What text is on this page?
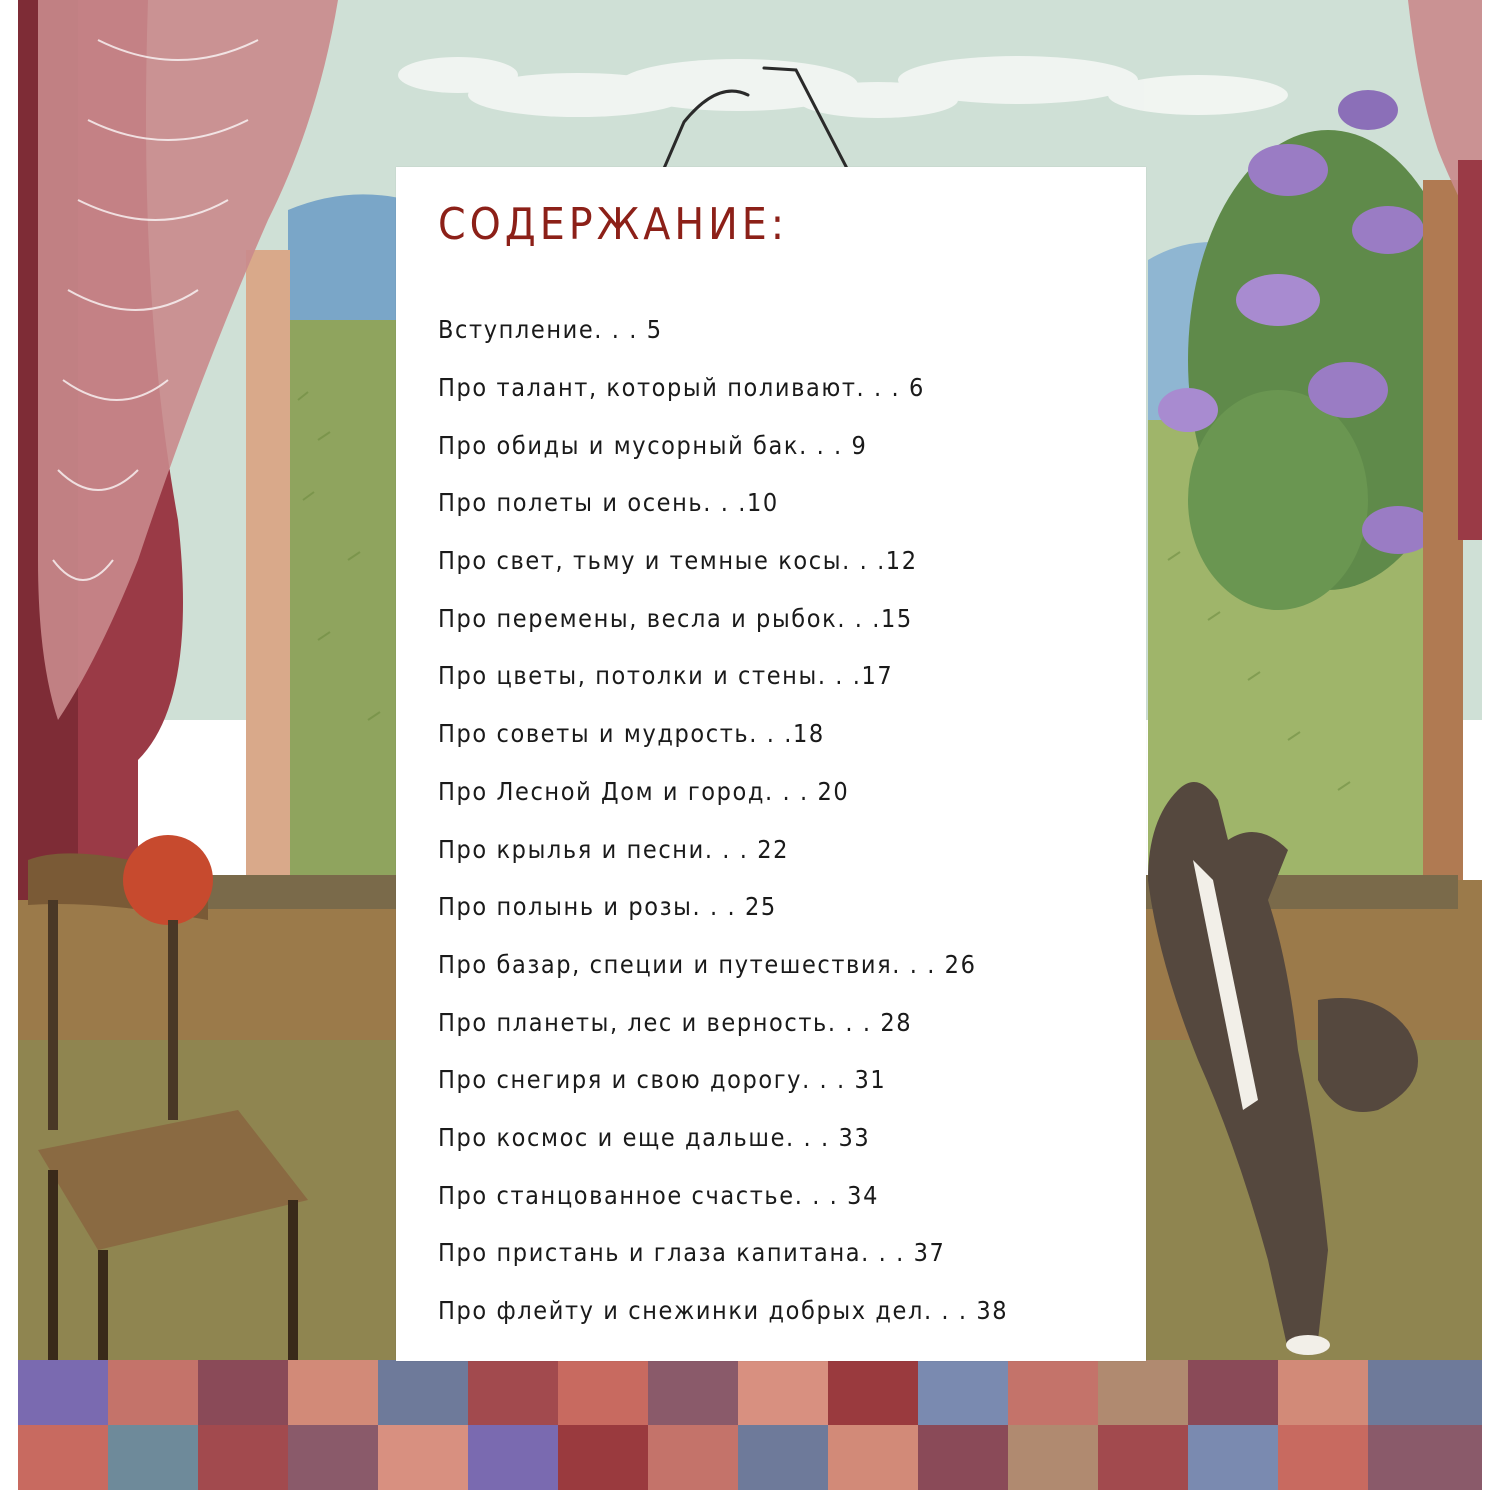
СОДЕРЖАНИЕ:
Вступление. . . 5
Про талант, который поливают. . . 6
Про обиды и мусорный бак. . . 9
Про полеты и осень. . .10
Про свет, тьму и темные косы. . .12
Про перемены, весла и рыбок. . .15
Про цветы, потолки и стены. . .17
Про советы и мудрость. . .18
Про Лесной Дом и город. . . 20
Про крылья и песни. . . 22
Про полынь и розы. . . 25
Про базар, специи и путешествия. . . 26
Про планеты, лес и верность. . . 28
Про снегиря и свою дорогу. . . 31
Про космос и еще дальше. . . 33
Про станцованное счастье. . . 34
Про пристань и глаза капитана. . . 37
Про флейту и снежинки добрых дел. . . 38
